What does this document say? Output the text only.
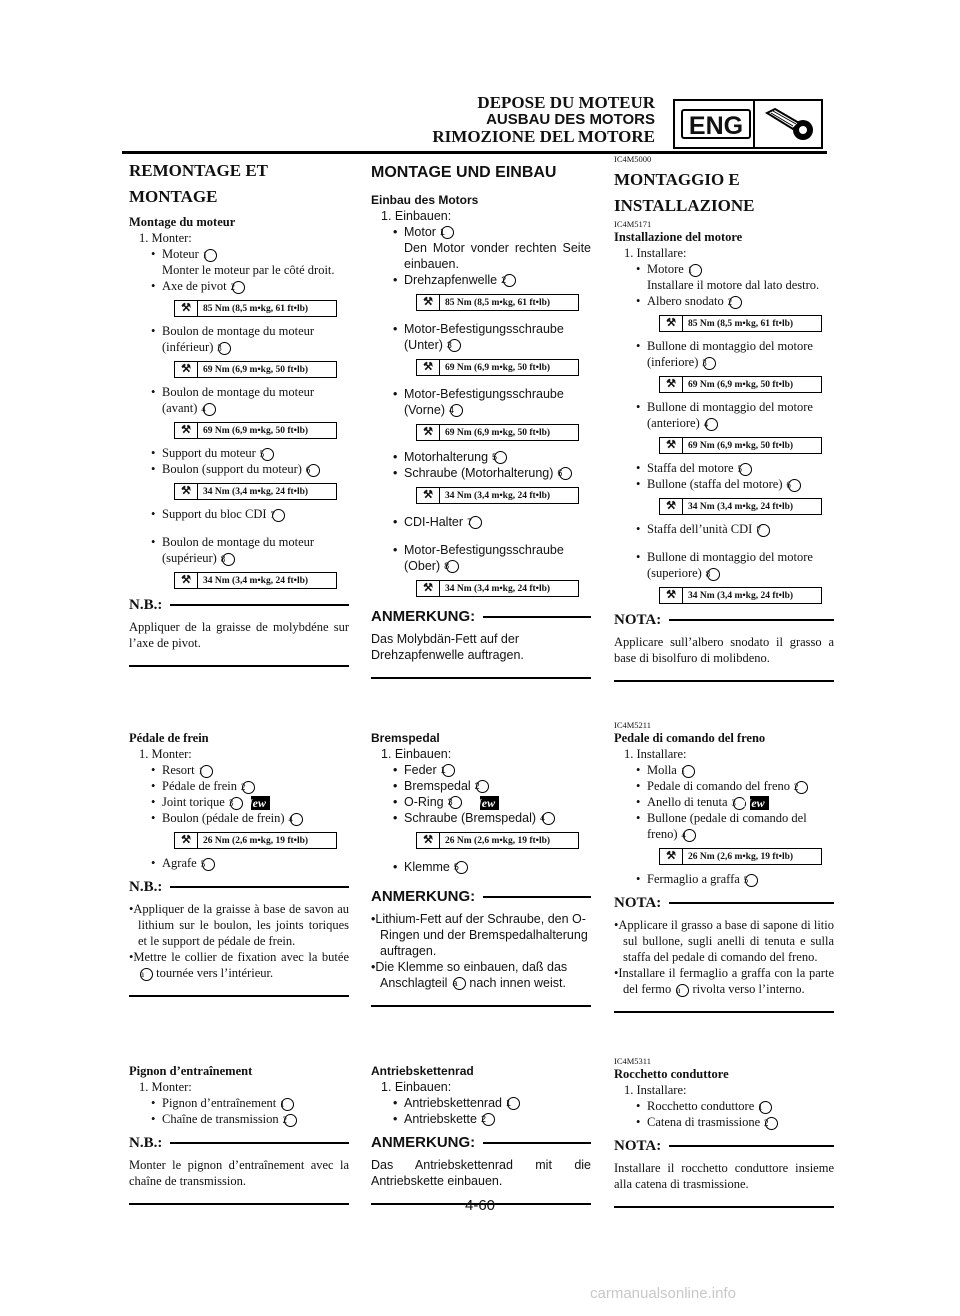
DEPOSE DU MOTEUR
AUSBAU DES MOTORS
RIMOZIONE DEL MOTORE	ENG

REMONTAGE ET

MONTAGE

Montage du moteur

1. Monter:

• Moteur 1

Monter le moteur par le côté droit.

• Axe de pivot 2

⚒	85 Nm (8,5 m•kg, 61 ft•lb)

• Boulon de montage du moteur (inférieur) 3

⚒	69 Nm (6,9 m•kg, 50 ft•lb)

• Boulon de montage du moteur (avant) 4

⚒	69 Nm (6,9 m•kg, 50 ft•lb)

• Support du moteur 5

• Boulon (support du moteur) 6

⚒	34 Nm (3,4 m•kg, 24 ft•lb)

• Support du bloc CDI 7

• Boulon de montage du moteur (supérieur) 8

⚒	34 Nm (3,4 m•kg, 24 ft•lb)
N.B.:

Appliquer de la graisse de molybdéne sur l’axe de pivot.

Pédale de frein

1. Monter:

• Resort 1

• Pédale de frein 2

• Joint torique 3 New

• Boulon (pédale de frein) 4

⚒	26 Nm (2,6 m•kg, 19 ft•lb)

• Agrafe 5

N.B.:

•Appliquer de la graisse à base de savon au lithium sur le boulon, les joints toriques et le support de pédale de frein.

•Mettre le collier de fixation avec la butée a tournée vers l’intérieur.

Pignon d’entraînement

1. Monter:

• Pignon d’entraînement 1

• Chaîne de transmission 2

N.B.:

Monter le pignon d’entraînement avec la chaîne de transmission.

MONTAGE UND EINBAU

Einbau des Motors

1. Einbauen:

• Motor 1

Den Motor vonder rechten Seite einbauen.

• Drehzapfenwelle 2

⚒	85 Nm (8,5 m•kg, 61 ft•lb)

• Motor-Befestigungsschraube (Unter) 3

⚒	69 Nm (6,9 m•kg, 50 ft•lb)

• Motor-Befestigungsschraube (Vorne) 4

⚒	69 Nm (6,9 m•kg, 50 ft•lb)

• Motorhalterung 5

• Schraube (Motorhalterung) 6

⚒	34 Nm (3,4 m•kg, 24 ft•lb)

• CDI-Halter 7

• Motor-Befestigungsschraube (Ober) 8

⚒	34 Nm (3,4 m•kg, 24 ft•lb)
ANMERKUNG:

Das Molybdän-Fett auf der Drehzapfenwelle auftragen.

Bremspedal

1. Einbauen:

• Feder 1

• Bremspedal 2

• O-Ring 3 New

• Schraube (Bremspedal) 4

⚒	26 Nm (2,6 m•kg, 19 ft•lb)

• Klemme 5

ANMERKUNG:

•Lithium-Fett auf der Schraube, den O-Ringen und der Bremspedalhalterung auftragen.

•Die Klemme so einbauen, daß das Anschlagteil a nach innen weist.

Antriebskettenrad

1. Einbauen:

• Antriebskettenrad 1

• Antriebskette 2

ANMERKUNG:

Das Antriebskettenrad mit die Antriebskette einbauen.

IC4M5000

MONTAGGIO E

INSTALLAZIONE

IC4M5171

Installazione del motore

1. Installare:

• Motore 1

Installare il motore dal lato destro.

• Albero snodato 2

⚒	85 Nm (8,5 m•kg, 61 ft•lb)

• Bullone di montaggio del motore (inferiore) 3

⚒	69 Nm (6,9 m•kg, 50 ft•lb)

• Bullone di montaggio del motore (anteriore) 4

⚒	69 Nm (6,9 m•kg, 50 ft•lb)

• Staffa del motore 5

• Bullone (staffa del motore) 6

⚒	34 Nm (3,4 m•kg, 24 ft•lb)

• Staffa dell’unità CDI 7

• Bullone di montaggio del motore (superiore) 8

⚒	34 Nm (3,4 m•kg, 24 ft•lb)
NOTA:

Applicare sull’albero snodato il grasso a base di bisolfuro di molibdeno.

IC4M5211

Pedale di comando del freno

1. Installare:

• Molla 1

• Pedale di comando del freno 2

• Anello di tenuta 3 New

• Bullone (pedale di comando del freno) 4

⚒	26 Nm (2,6 m•kg, 19 ft•lb)

• Fermaglio a graffa 5

NOTA:

•Applicare il grasso a base di sapone di litio sul bullone, sugli anelli di tenuta e sulla staffa del pedale di comando del freno.

•Installare il fermaglio a graffa con la parte del fermo a rivolta verso l’interno.

IC4M5311

Rocchetto conduttore

1. Installare:

• Rocchetto conduttore 1

• Catena di trasmissione 2

NOTA:

Installare il rocchetto conduttore insieme alla catena di trasmissione.

4-60
carmanualsonline.info
